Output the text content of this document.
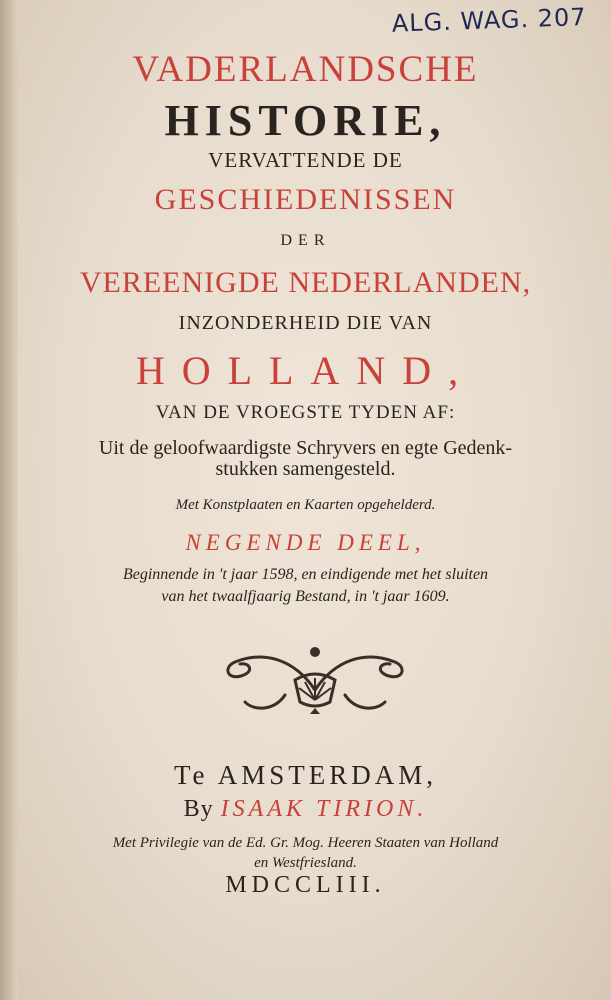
ALG. WAG. 207
VADERLANDSCHE
HISTORIE,
VERVATTENDE DE
GESCHIEDENISSEN
DER
VEREENIGDE NEDERLANDEN,
INZONDERHEID DIE VAN
HOLLAND,
VAN DE VROEGSTE TYDEN AF:
Uit de geloofwaardigste Schryvers en egte Gedenk-
stukken samengesteld.
Met Konstplaaten en Kaarten opgehelderd.
NEGENDE DEEL,
Beginnende in 't jaar 1598, en eindigende met het sluiten
van het twaalfjaarig Bestand, in 't jaar 1609.
Te AMSTERDAM,
By ISAAK TIRION.
Met Privilegie van de Ed. Gr. Mog. Heeren Staaten van Holland
en Westfriesland.
MDCCLIII.
